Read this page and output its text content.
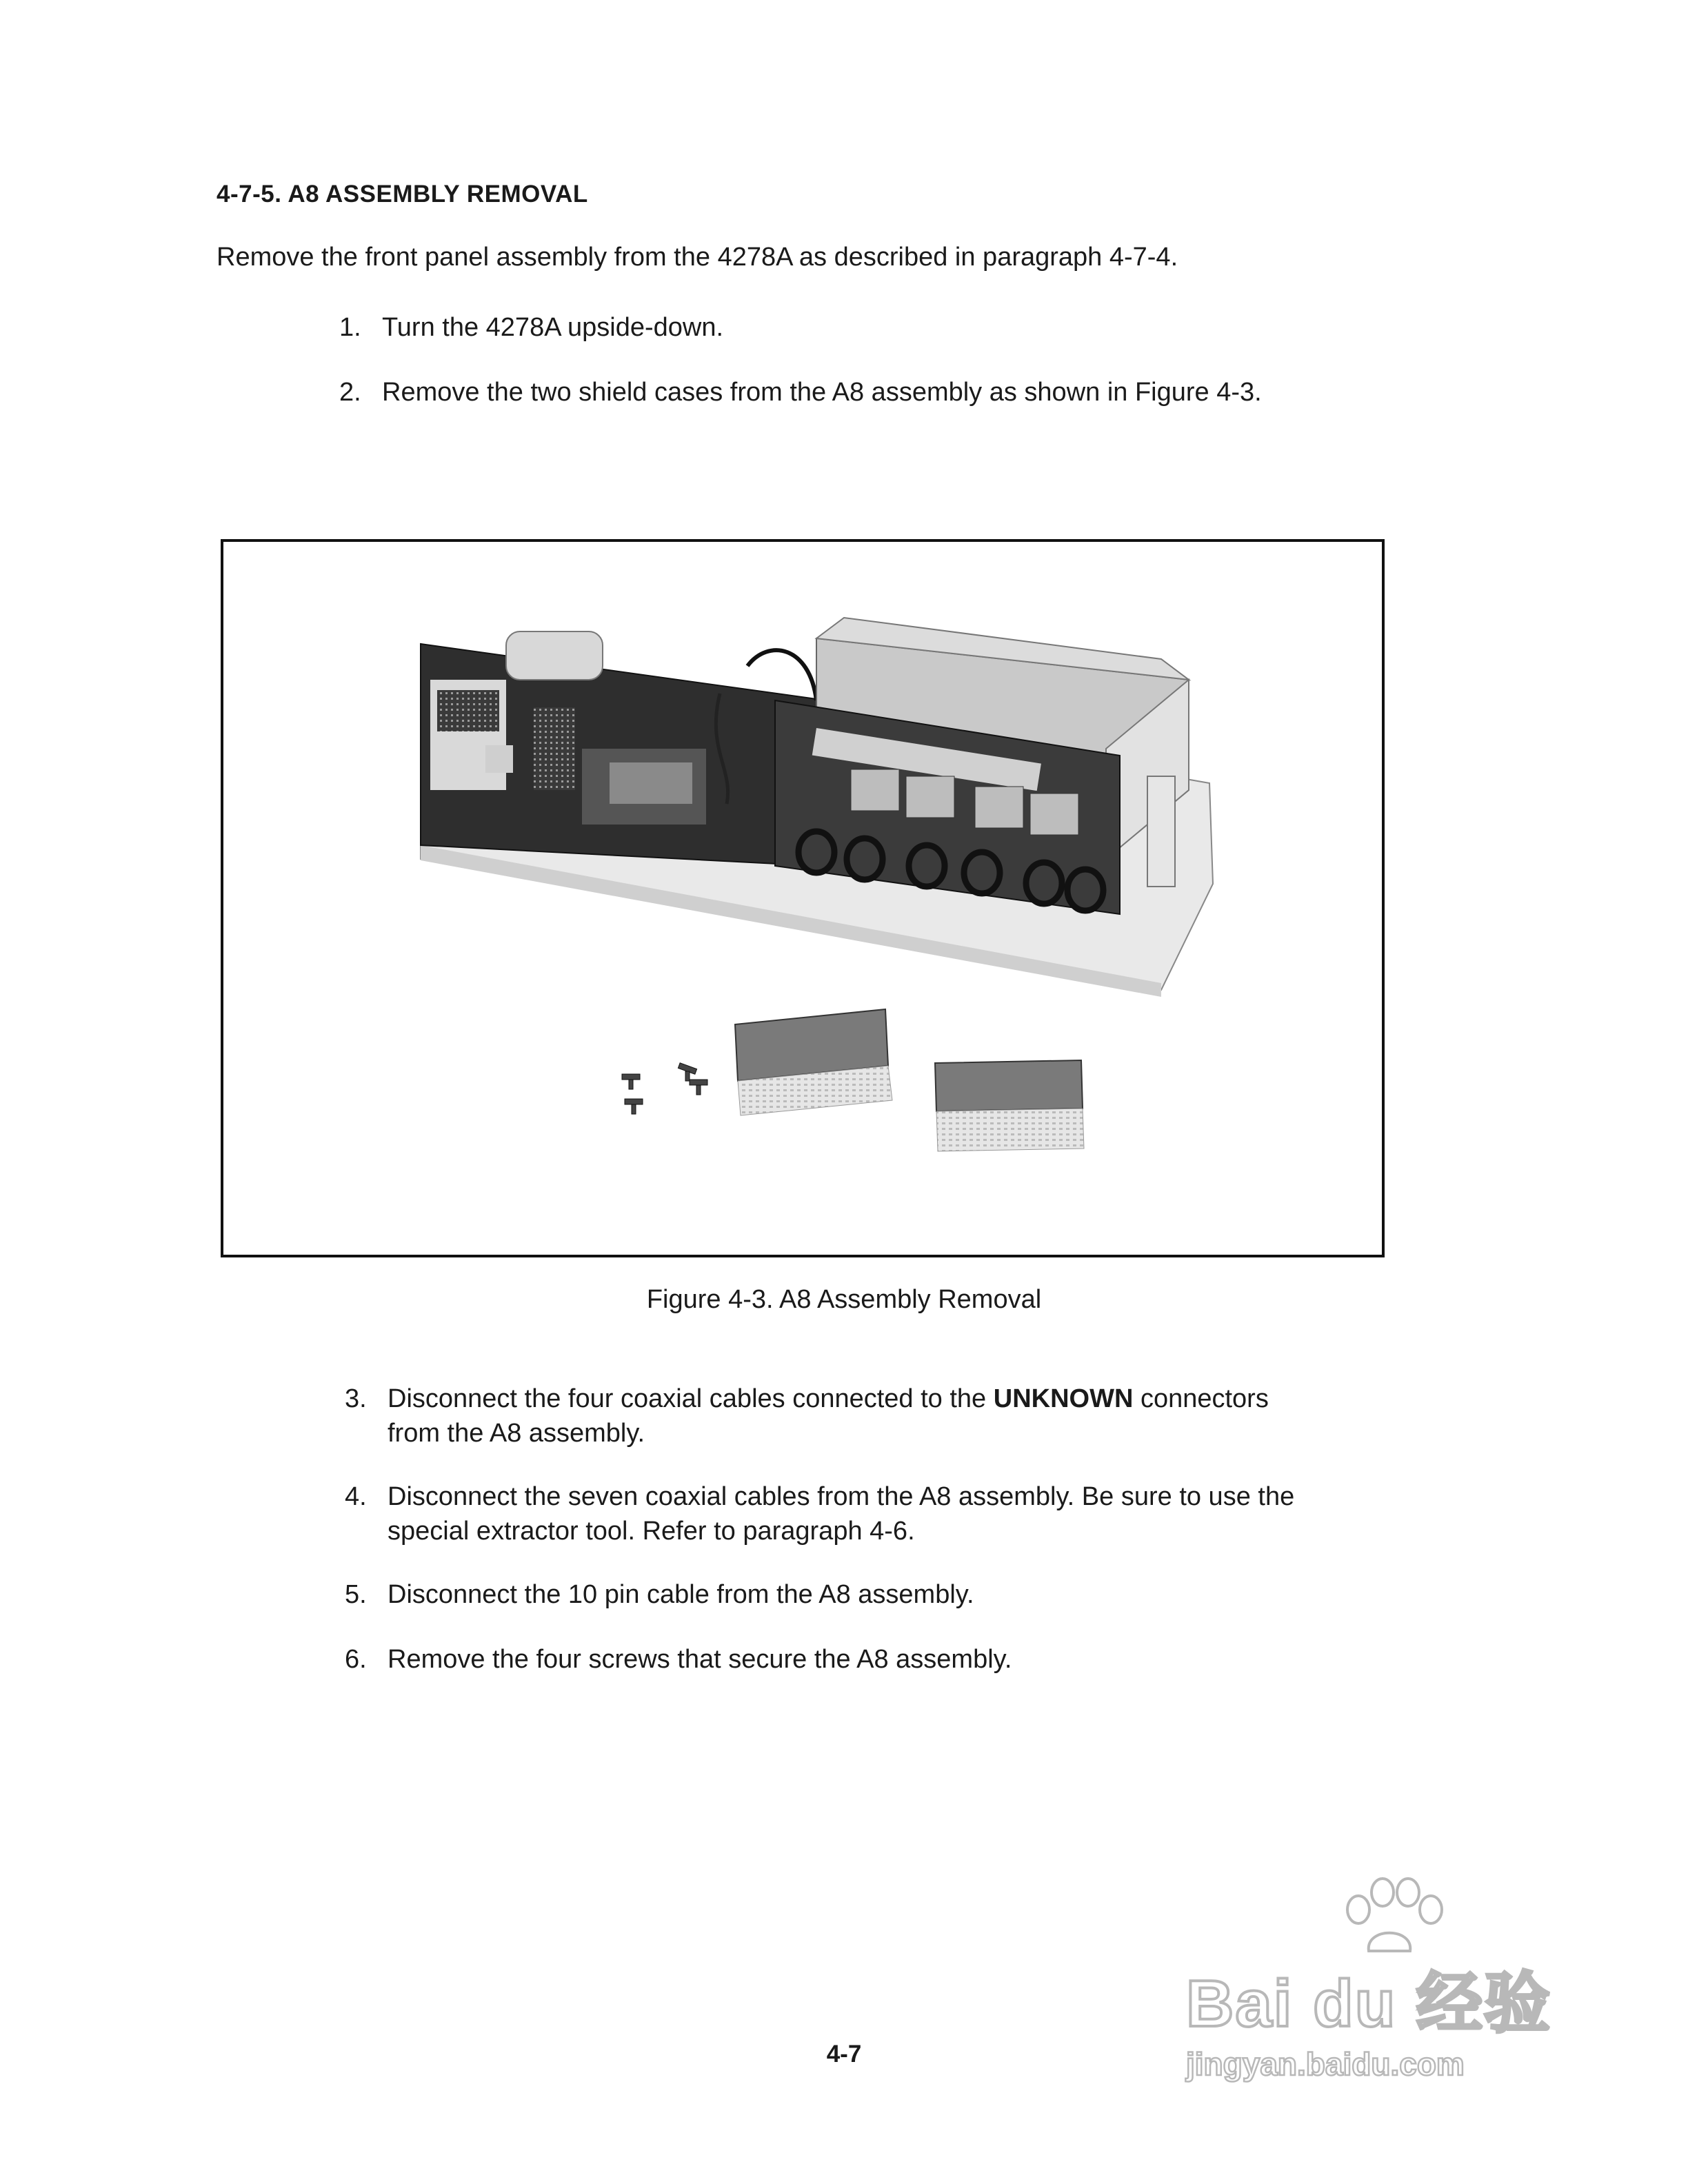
4-7-5. A8 ASSEMBLY REMOVAL
Remove the front panel assembly from the 4278A as described in paragraph 4-7-4.
1. Turn the 4278A upside-down.
2. Remove the two shield cases from the A8 assembly as shown in Figure 4-3.
Figure 4-3. A8 Assembly Removal
3. Disconnect the four coaxial cables connected to the UNKNOWN connectors
from the A8 assembly.
4. Disconnect the seven coaxial cables from the A8 assembly. Be sure to use the
special extractor tool. Refer to paragraph 4-6.
5. Disconnect the 10 pin cable from the A8 assembly.
6. Remove the four screws that secure the A8 assembly.
4-7
Bai du 经验
jingyan.baidu.com
